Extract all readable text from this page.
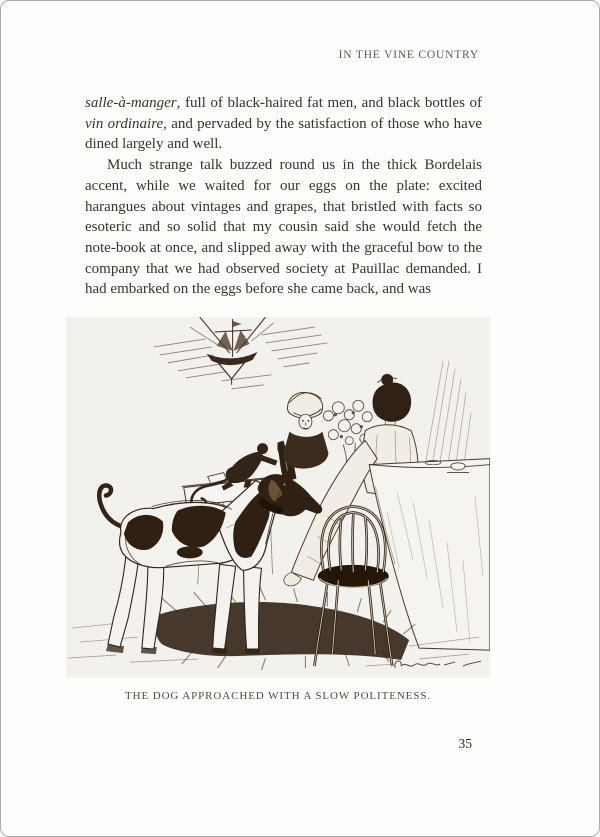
IN THE VINE COUNTRY

salle-à-manger, full of black-haired fat men, and black bottles of vin ordinaire, and pervaded by the satisfaction of those who have dined largely and well.

Much strange talk buzzed round us in the thick Bordelais accent, while we waited for our eggs on the plate: excited harangues about vintages and grapes, that bristled with facts so esoteric and so solid that my cousin said she would fetch the note-book at once, and slipped away with the graceful bow to the company that we had observed society at Pauillac demanded. I had embarked on the eggs before she came back, and was

THE DOG APPROACHED WITH A SLOW POLITENESS.
35
